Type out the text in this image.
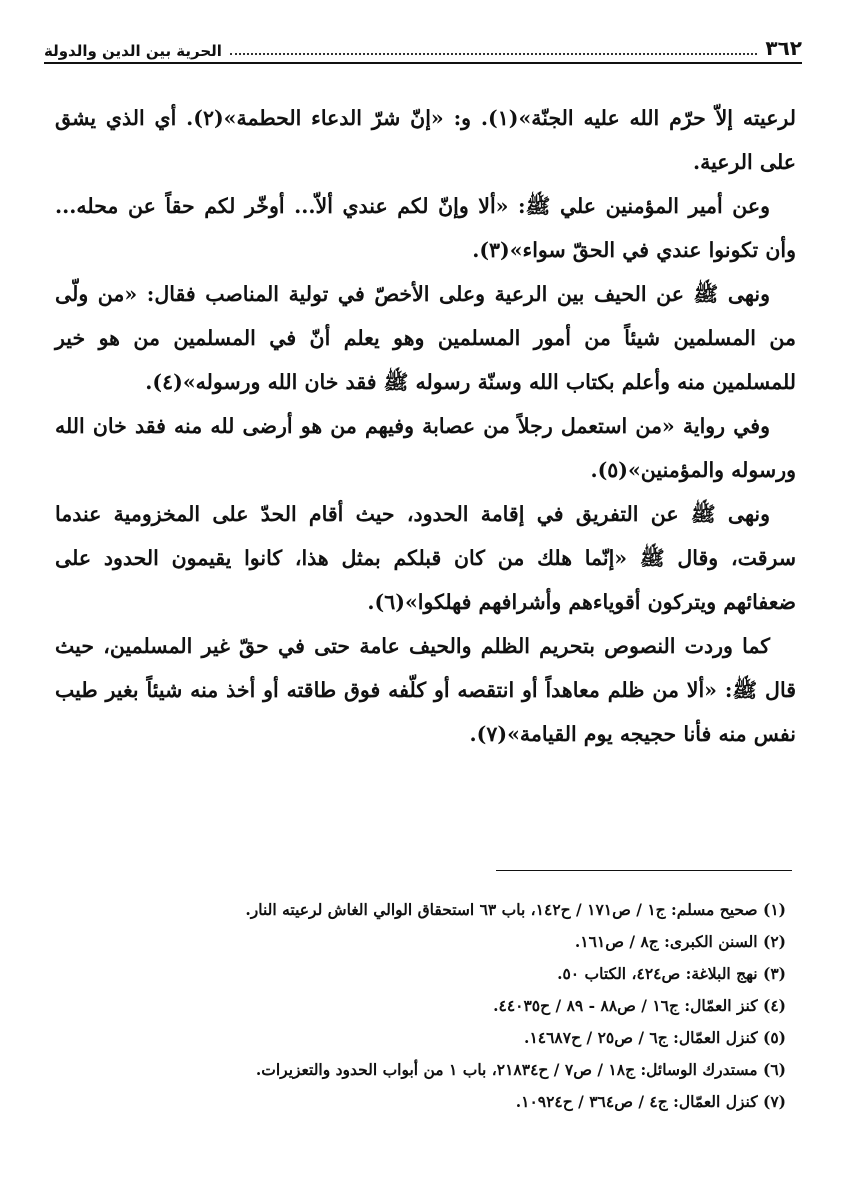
٣٦٢
الحرية بين الدين والدولة

لرعيته إلاّ حرّم الله عليه الجنّة»(١). و: «إنّ شرّ الدعاء الحطمة»(٢). أي الذي يشق على الرعية.

وعن أمير المؤمنين علي ﷺ: «ألا وإنّ لكم عندي ألاّ... أوخّر لكم حقاً عن محله... وأن تكونوا عندي في الحقّ سواء»(٣).

ونهى ﷺ عن الحيف بين الرعية وعلى الأخصّ في تولية المناصب فقال: «من ولّى من المسلمين شيئاً من أمور المسلمين وهو يعلم أنّ في المسلمين من هو خير للمسلمين منه وأعلم بكتاب الله وسنّة رسوله ﷺ فقد خان الله ورسوله»(٤).

وفي رواية «من استعمل رجلاً من عصابة وفيهم من هو أرضى لله منه فقد خان الله ورسوله والمؤمنين»(٥).

ونهى ﷺ عن التفريق في إقامة الحدود، حيث أقام الحدّ على المخزومية عندما سرقت، وقال ﷺ «إنّما هلك من كان قبلكم بمثل هذا، كانوا يقيمون الحدود على ضعفائهم ويتركون أقوياءهم وأشرافهم فهلكوا»(٦).

كما وردت النصوص بتحريم الظلم والحيف عامة حتى في حقّ غير المسلمين، حيث قال ﷺ: «ألا من ظلم معاهداً أو انتقصه أو كلّفه فوق طاقته أو أخذ منه شيئاً بغير طيب نفس منه فأنا حجيجه يوم القيامة»(٧).

(١) صحيح مسلم: ج١ / ص١٧١ / ح١٤٢، باب ٦٣ استحقاق الوالي الغاش لرعيته النار.

(٢) السنن الكبرى: ج٨ / ص١٦١.

(٣) نهج البلاغة: ص٤٢٤، الكتاب ٥٠.

(٤) كنز العمّال: ج١٦ / ص٨٨ - ٨٩ / ح٤٤٠٣٥.

(٥) كنزل العمّال: ج٦ / ص٢٥ / ح١٤٦٨٧.

(٦) مستدرك الوسائل: ج١٨ / ص٧ / ح٢١٨٣٤، باب ١ من أبواب الحدود والتعزيرات.

(٧) كنزل العمّال: ج٤ / ص٣٦٤ / ح١٠٩٢٤.
